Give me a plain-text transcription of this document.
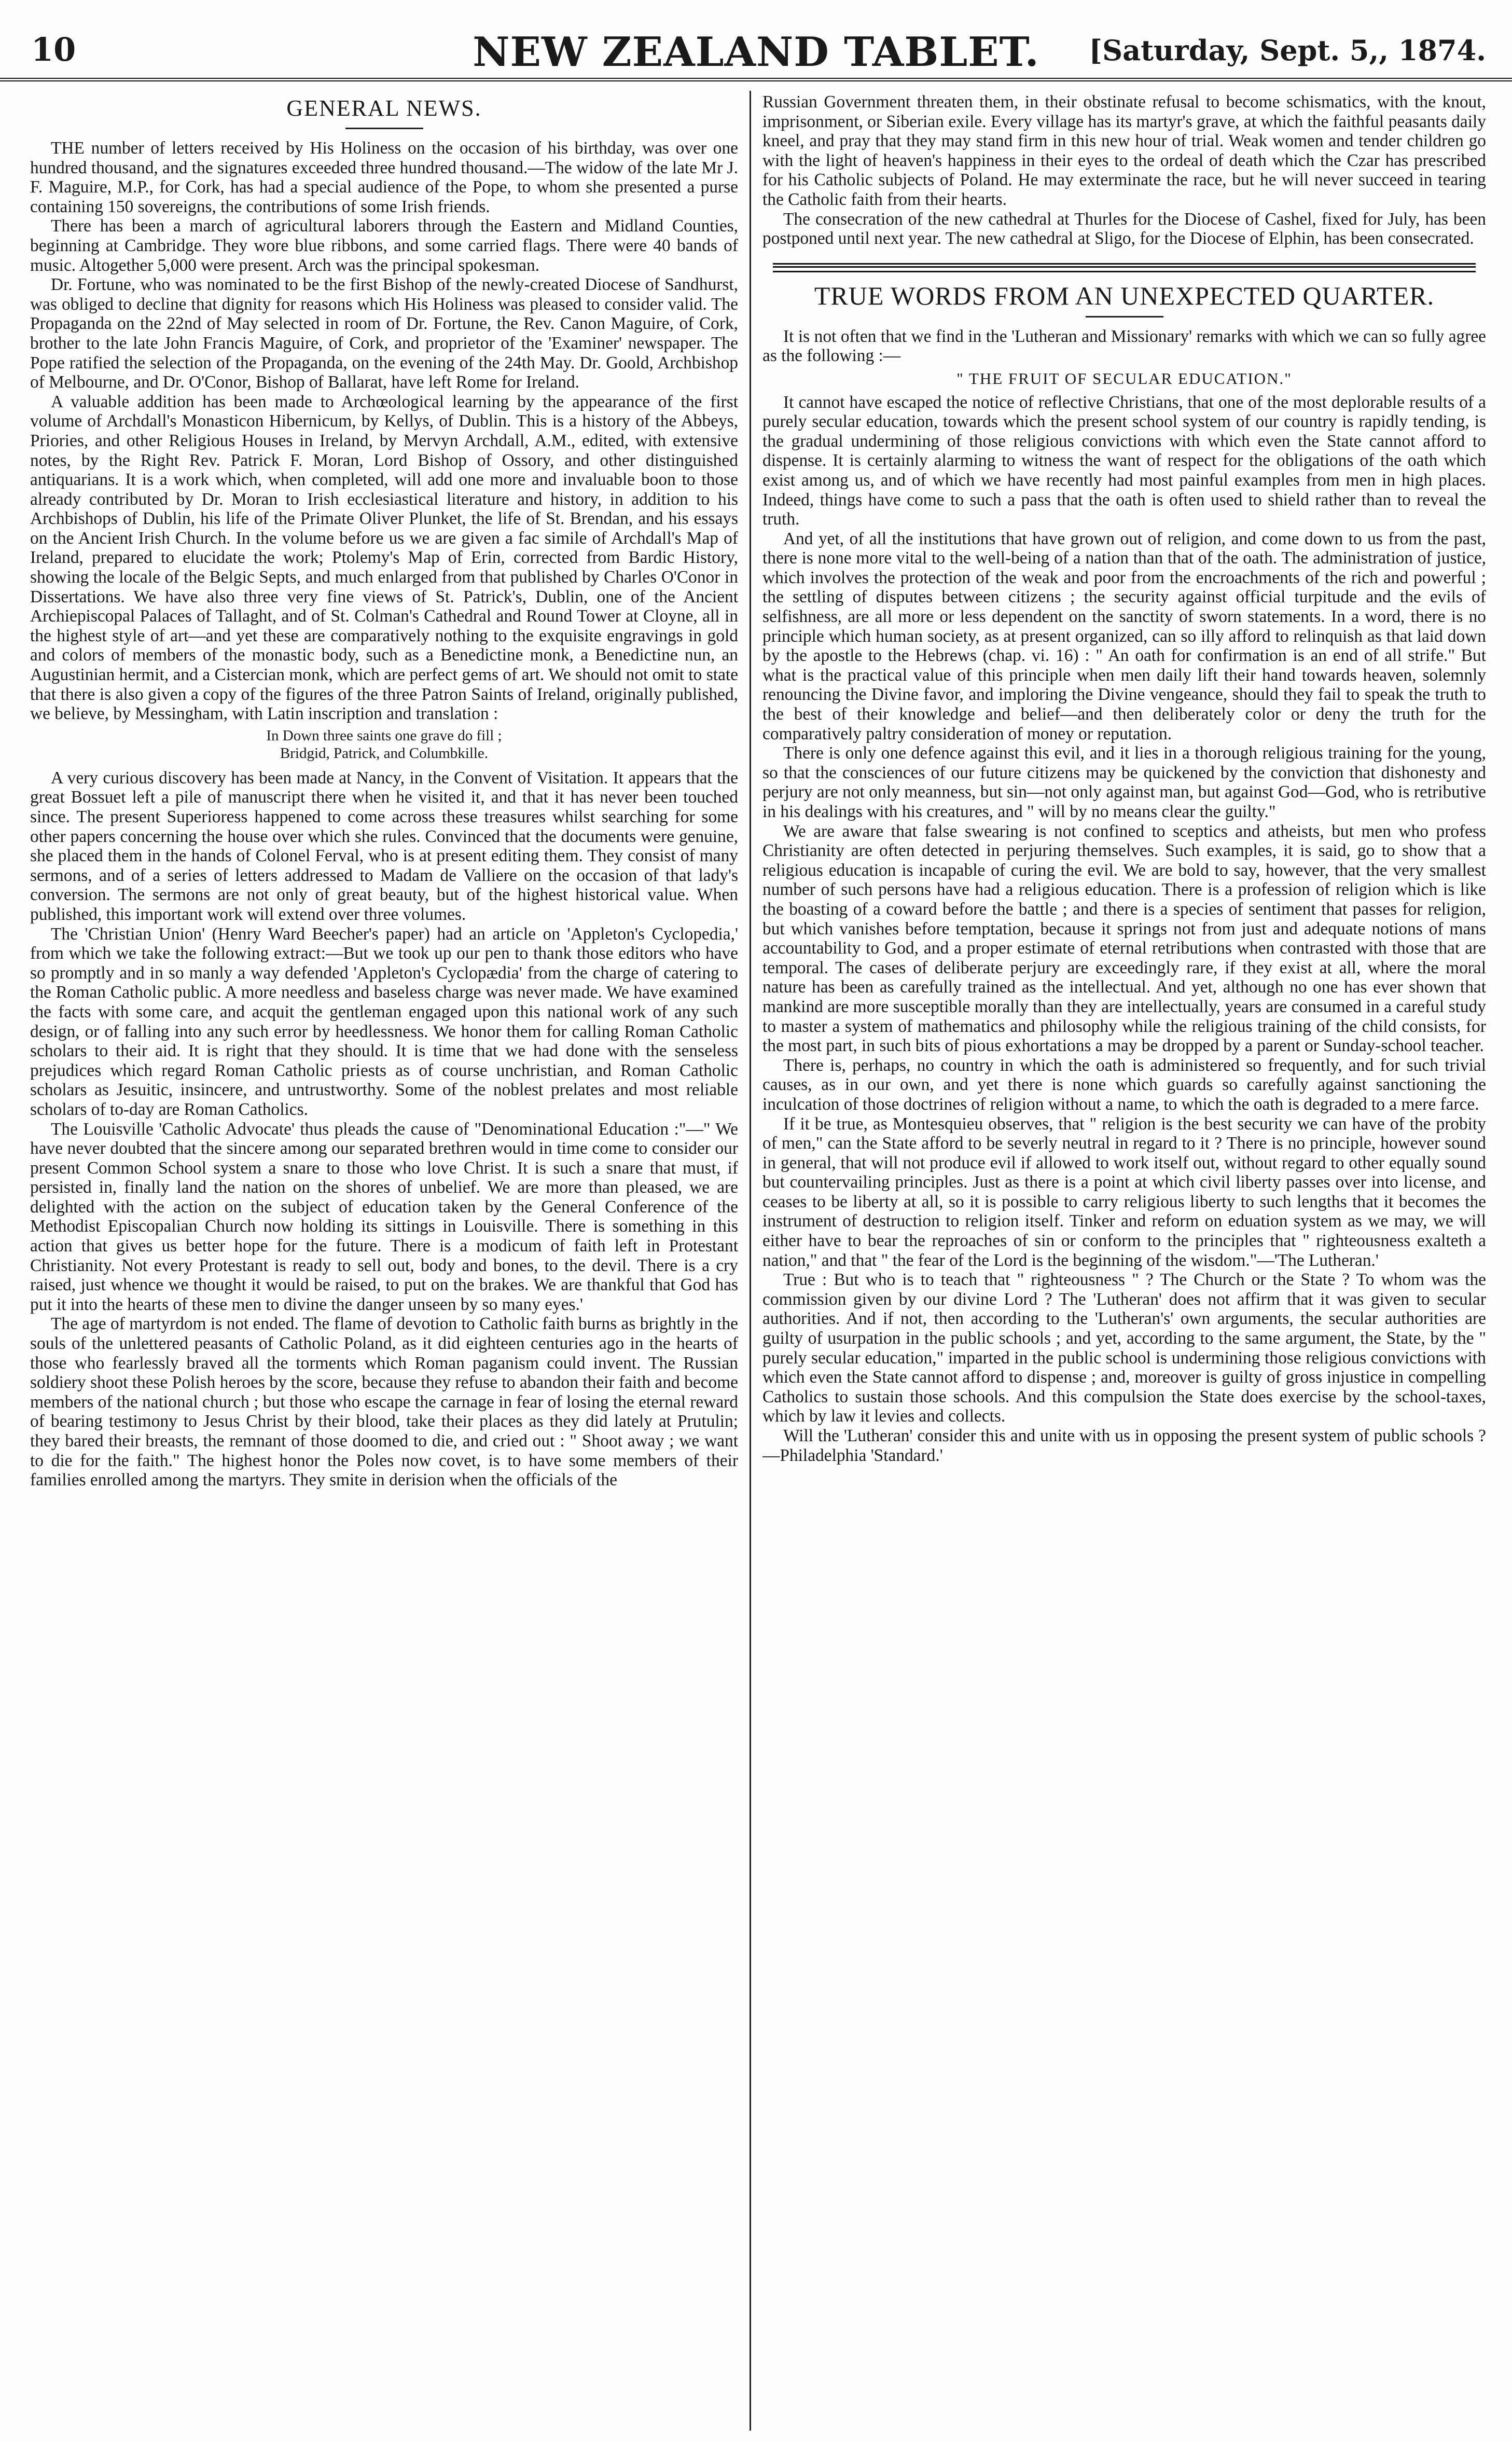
10	NEW ZEALAND TABLET.	[Saturday, Sept. 5,, 1874.
GENERAL NEWS.

THE number of letters received by His Holiness on the occasion of his birthday, was over one hundred thousand, and the signatures exceeded three hundred thousand.—The widow of the late Mr J. F. Maguire, M.P., for Cork, has had a special audience of the Pope, to whom she presented a purse containing 150 sovereigns, the contributions of some Irish friends.

There has been a march of agricultural laborers through the Eastern and Midland Counties, beginning at Cambridge. They wore blue ribbons, and some carried flags. There were 40 bands of music. Altogether 5,000 were present. Arch was the principal spokesman.

Dr. Fortune, who was nominated to be the first Bishop of the newly-created Diocese of Sandhurst, was obliged to decline that dignity for reasons which His Holiness was pleased to consider valid. The Propaganda on the 22nd of May selected in room of Dr. Fortune, the Rev. Canon Maguire, of Cork, brother to the late John Francis Maguire, of Cork, and proprietor of the 'Examiner' newspaper. The Pope ratified the selection of the Propaganda, on the evening of the 24th May. Dr. Goold, Archbishop of Melbourne, and Dr. O'Conor, Bishop of Ballarat, have left Rome for Ireland.

A valuable addition has been made to Archœological learning by the appearance of the first volume of Archdall's Monasticon Hibernicum, by Kellys, of Dublin. This is a history of the Abbeys, Priories, and other Religious Houses in Ireland, by Mervyn Archdall, A.M., edited, with extensive notes, by the Right Rev. Patrick F. Moran, Lord Bishop of Ossory, and other distinguished antiquarians. It is a work which, when completed, will add one more and invaluable boon to those already contributed by Dr. Moran to Irish ecclesiastical literature and history, in addition to his Archbishops of Dublin, his life of the Primate Oliver Plunket, the life of St. Brendan, and his essays on the Ancient Irish Church. In the volume before us we are given a fac simile of Archdall's Map of Ireland, prepared to elucidate the work; Ptolemy's Map of Erin, corrected from Bardic History, showing the locale of the Belgic Septs, and much enlarged from that published by Charles O'Conor in Dissertations. We have also three very fine views of St. Patrick's, Dublin, one of the Ancient Archiepiscopal Palaces of Tallaght, and of St. Colman's Cathedral and Round Tower at Cloyne, all in the highest style of art—and yet these are comparatively nothing to the exquisite engravings in gold and colors of members of the monastic body, such as a Benedictine monk, a Benedictine nun, an Augustinian hermit, and a Cistercian monk, which are perfect gems of art. We should not omit to state that there is also given a copy of the figures of the three Patron Saints of Ireland, originally published, we believe, by Messingham, with Latin inscription and translation :

In Down three saints one grave do fill ;
Bridgid, Patrick, and Columbkille.

A very curious discovery has been made at Nancy, in the Convent of Visitation. It appears that the great Bossuet left a pile of manuscript there when he visited it, and that it has never been touched since. The present Superioress happened to come across these treasures whilst searching for some other papers concerning the house over which she rules. Convinced that the documents were genuine, she placed them in the hands of Colonel Ferval, who is at present editing them. They consist of many sermons, and of a series of letters addressed to Madam de Valliere on the occasion of that lady's conversion. The sermons are not only of great beauty, but of the highest historical value. When published, this important work will extend over three volumes.

The 'Christian Union' (Henry Ward Beecher's paper) had an article on 'Appleton's Cyclopedia,' from which we take the following extract:—But we took up our pen to thank those editors who have so promptly and in so manly a way defended 'Appleton's Cyclopædia' from the charge of catering to the Roman Catholic public. A more needless and baseless charge was never made. We have examined the facts with some care, and acquit the gentleman engaged upon this national work of any such design, or of falling into any such error by heedlessness. We honor them for calling Roman Catholic scholars to their aid. It is right that they should. It is time that we had done with the senseless prejudices which regard Roman Catholic priests as of course unchristian, and Roman Catholic scholars as Jesuitic, insincere, and untrustworthy. Some of the noblest prelates and most reliable scholars of to-day are Roman Catholics.

The Louisville 'Catholic Advocate' thus pleads the cause of "Denominational Education :"—" We have never doubted that the sincere among our separated brethren would in time come to consider our present Common School system a snare to those who love Christ. It is such a snare that must, if persisted in, finally land the nation on the shores of unbelief. We are more than pleased, we are delighted with the action on the subject of education taken by the General Conference of the Methodist Episcopalian Church now holding its sittings in Louisville. There is something in this action that gives us better hope for the future. There is a modicum of faith left in Protestant Christianity. Not every Protestant is ready to sell out, body and bones, to the devil. There is a cry raised, just whence we thought it would be raised, to put on the brakes. We are thankful that God has put it into the hearts of these men to divine the danger unseen by so many eyes.'

The age of martyrdom is not ended. The flame of devotion to Catholic faith burns as brightly in the souls of the unlettered peasants of Catholic Poland, as it did eighteen centuries ago in the hearts of those who fearlessly braved all the torments which Roman paganism could invent. The Russian soldiery shoot these Polish heroes by the score, because they refuse to abandon their faith and become members of the national church ; but those who escape the carnage in fear of losing the eternal reward of bearing testimony to Jesus Christ by their blood, take their places as they did lately at Prutulin; they bared their breasts, the remnant of those doomed to die, and cried out : " Shoot away ; we want to die for the faith." The highest honor the Poles now covet, is to have some members of their families enrolled among the martyrs. They smite in derision when the officials of the

Russian Government threaten them, in their obstinate refusal to become schismatics, with the knout, imprisonment, or Siberian exile. Every village has its martyr's grave, at which the faithful peasants daily kneel, and pray that they may stand firm in this new hour of trial. Weak women and tender children go with the light of heaven's happiness in their eyes to the ordeal of death which the Czar has prescribed for his Catholic subjects of Poland. He may exterminate the race, but he will never succeed in tearing the Catholic faith from their hearts.

The consecration of the new cathedral at Thurles for the Diocese of Cashel, fixed for July, has been postponed until next year. The new cathedral at Sligo, for the Diocese of Elphin, has been consecrated.

TRUE WORDS FROM AN UNEXPECTED QUARTER.

It is not often that we find in the 'Lutheran and Missionary' remarks with which we can so fully agree as the following :—

" THE FRUIT OF SECULAR EDUCATION."

It cannot have escaped the notice of reflective Christians, that one of the most deplorable results of a purely secular education, towards which the present school system of our country is rapidly tending, is the gradual undermining of those religious convictions with which even the State cannot afford to dispense. It is certainly alarming to witness the want of respect for the obligations of the oath which exist among us, and of which we have recently had most painful examples from men in high places. Indeed, things have come to such a pass that the oath is often used to shield rather than to reveal the truth.

And yet, of all the institutions that have grown out of religion, and come down to us from the past, there is none more vital to the well-being of a nation than that of the oath. The administration of justice, which involves the protection of the weak and poor from the encroachments of the rich and powerful ; the settling of disputes between citizens ; the security against official turpitude and the evils of selfishness, are all more or less dependent on the sanctity of sworn statements. In a word, there is no principle which human society, as at present organized, can so illy afford to relinquish as that laid down by the apostle to the Hebrews (chap. vi. 16) : " An oath for confirmation is an end of all strife." But what is the practical value of this principle when men daily lift their hand towards heaven, solemnly renouncing the Divine favor, and imploring the Divine vengeance, should they fail to speak the truth to the best of their knowledge and belief—and then deliberately color or deny the truth for the comparatively paltry consideration of money or reputation.

There is only one defence against this evil, and it lies in a thorough religious training for the young, so that the consciences of our future citizens may be quickened by the conviction that dishonesty and perjury are not only meanness, but sin—not only against man, but against God—God, who is retributive in his dealings with his creatures, and " will by no means clear the guilty."

We are aware that false swearing is not confined to sceptics and atheists, but men who profess Christianity are often detected in perjuring themselves. Such examples, it is said, go to show that a religious education is incapable of curing the evil. We are bold to say, however, that the very smallest number of such persons have had a religious education. There is a profession of religion which is like the boasting of a coward before the battle ; and there is a species of sentiment that passes for religion, but which vanishes before temptation, because it springs not from just and adequate notions of mans accountability to God, and a proper estimate of eternal retributions when contrasted with those that are temporal. The cases of deliberate perjury are exceedingly rare, if they exist at all, where the moral nature has been as carefully trained as the intellectual. And yet, although no one has ever shown that mankind are more susceptible morally than they are intellectually, years are consumed in a careful study to master a system of mathematics and philosophy while the religious training of the child consists, for the most part, in such bits of pious exhortations a may be dropped by a parent or Sunday-school teacher.

There is, perhaps, no country in which the oath is administered so frequently, and for such trivial causes, as in our own, and yet there is none which guards so carefully against sanctioning the inculcation of those doctrines of religion without a name, to which the oath is degraded to a mere farce.

If it be true, as Montesquieu observes, that " religion is the best security we can have of the probity of men," can the State afford to be severly neutral in regard to it ? There is no principle, however sound in general, that will not produce evil if allowed to work itself out, without regard to other equally sound but countervailing principles. Just as there is a point at which civil liberty passes over into license, and ceases to be liberty at all, so it is possible to carry religious liberty to such lengths that it becomes the instrument of destruction to religion itself. Tinker and reform on eduation system as we may, we will either have to bear the reproaches of sin or conform to the principles that " righteousness exalteth a nation," and that " the fear of the Lord is the beginning of the wisdom."—'The Lutheran.'

True : But who is to teach that " righteousness " ? The Church or the State ? To whom was the commission given by our divine Lord ? The 'Lutheran' does not affirm that it was given to secular authorities. And if not, then according to the 'Lutheran's' own arguments, the secular authorities are guilty of usurpation in the public schools ; and yet, according to the same argument, the State, by the " purely secular education," imparted in the public school is undermining those religious convictions with which even the State cannot afford to dispense ; and, moreover is guilty of gross injustice in compelling Catholics to sustain those schools. And this compulsion the State does exercise by the school-taxes, which by law it levies and collects.

Will the 'Lutheran' consider this and unite with us in opposing the present system of public schools ?—Philadelphia 'Standard.'
